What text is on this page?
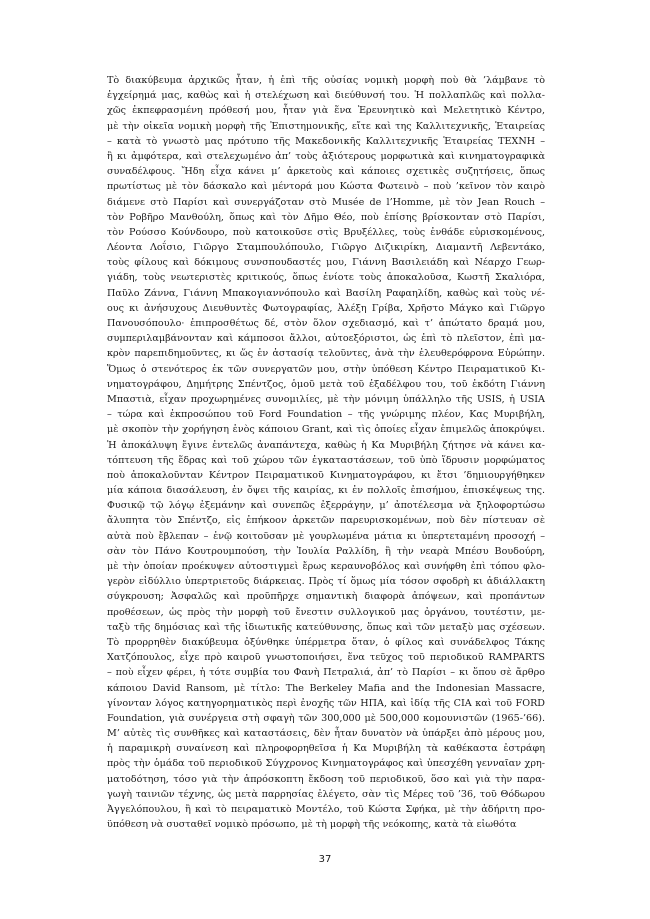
Τὸ διακύβευμα ἀρχικῶς ἦταν, ἡ ἐπὶ τῆς οὐσίας νομικὴ μορφὴ ποὺ θὰ ’λάμβανε τὸ
ἐγχείρημά μας, καθὼς καὶ ἡ στελέχωση καὶ διεύθυνσή του. Ἡ πολλαπλῶς καὶ πολλα-
χῶς ἐκπεφρασμένη πρόθεσή μου, ἦταν γιὰ ἕνα Ἐρευνητικὸ καὶ Μελετητικὸ Κέντρο,
μὲ τὴν οἰκεῖα νομικὴ μορφὴ τῆς Ἐπιστημονικῆς, εἴτε καὶ της Καλλιτεχνικῆς, Ἑταιρείας
– κατὰ τὸ γνωστὸ μας πρότυπο τῆς Μακεδονικῆς Καλλιτεχνικῆς Ἑταιρείας ΤΕΧΝΗ –
ἢ κι ἀμφότερα, καὶ στελεχωμένο ἀπ’ τοὺς ἀξιότερους μορφωτικὰ καὶ κινηματογραφικὰ
συναδέλφους. Ἤδη εἶχα κάνει μ’ ἀρκετοὺς καὶ κάποιες σχετικὲς συζητήσεις, ὅπως
πρωτίστως μὲ τὸν δάσκαλο καὶ μέντορά μου Κώστα Φωτεινὸ – ποὺ ’κεῖνον τὸν καιρὸ
διάμενε στὸ Παρίσι καὶ συνεργάζοταν στὸ Musée de l’Homme, μὲ τὸν Jean Rouch –
τὸν Ροβῆρο Μανθούλη, ὅπως καὶ τὸν Δῆμο Θέο, ποὺ ἐπίσης βρίσκονταν στὸ Παρίσι,
τὸν Ρούσσο Κούνδουρο, ποὺ κατοικοῦσε στὶς Βρυξέλλες, τοὺς ἐνθάδε εὑρισκομένους,
Λέοντα Λοΐσιο, Γιῶργο Σταμπουλόπουλο, Γιῶργο Διζικιρίκη, Διαμαντῆ Λεβεντάκο,
τοὺς φίλους καὶ δόκιμους συνσπουδαστές μου, Γιάννη Βασιλειάδη καὶ Νέαρχο Γεωρ-
γιάδη, τοὺς νεωτεριστὲς κριτικούς, ὅπως ἐνίοτε τοὺς ἀποκαλοῦσα, Κωστῆ Σκαλιόρα,
Παῦλο Ζάννα, Γιάννη Μπακογιαννόπουλο καὶ Βασίλη Ραφαηλίδη, καθὼς καὶ τοὺς νέ-
ους κι ἀνήσυχους Διευθυντὲς Φωτογραφίας, Ἀλέξη Γρίβα, Χρῆστο Μάγκο καὶ Γιῶργο
Πανουσόπουλο· ἐπιπροσθέτως δέ, στὸν ὅλον σχεδιασμό, καὶ τ’ ἀπώτατο δραμά μου,
συμπεριλαμβάνονταν καὶ κάμποσοι ἄλλοι, αὐτοεξόριστοι, ὡς ἐπὶ τὸ πλεῖστον, ἐπὶ μα-
κρὸν παρεπιδημοῦντες, κι ὥς ἐν ἀστασίᾳ τελοῦντες, ἀνὰ τὴν ἐλευθερόφρονα Εὐρώπην.
Ὅμως ὁ στενότερος ἐκ τῶν συνεργατῶν μου, στὴν ὑπόθεση Κέντρο Πειραματικοῦ Κι-
νηματογράφου, Δημήτρης Σπέντζος, ὁμοῦ μετὰ τοῦ ἐξαδέλφου του, τοῦ ἐκδότη Γιάννη
Μπαστιὰ, εἶχαν προχωρημένες συνομιλίες, μὲ τὴν μόνιμη ὑπάλληλο τῆς USIS, ἡ USIA
– τώρα καὶ ἐκπροσώπου τοῦ Ford Foundation – τῆς γνώριμης πλέον, Κας Μυριβήλη,
μὲ σκοπὸν τὴν χορήγηση ἑνὸς κάποιου Grant, καὶ τὶς ὁποίες εἶχαν ἐπιμελῶς ἀποκρύψει.
Ἡ ἀποκάλυψη ἔγινε ἐντελῶς ἀναπάντεχα, καθὼς ἡ Κα Μυριβήλη ζήτησε νὰ κάνει κα-
τόπτευση τῆς ἕδρας καὶ τοῦ χώρου τῶν ἐγκαταστάσεων, τοῦ ὑπὸ ἵδρυσιν μορφώματος
ποὺ ἀποκαλοῦνταν Κέντρον Πειραματικοῦ Κινηματογράφου, κι ἔτσι ’δημιουργήθηκεν
μία κάποια διασάλευση, ἐν ὄψει τῆς καιρίας, κι ἐν πολλοῖς ἐπισήμου, ἐπισκέψεως της.
Φυσικῷ τῷ λόγῳ ἐξεμάνην καὶ συνεπῶς ἐξερράγην, μ’ ἀποτέλεσμα νὰ ξηλοφορτώσω
ἄλυπητα τὸν Σπέντζο, εἰς ἐπήκοον ἀρκετῶν παρευρισκομένων, ποὺ δὲν πίστευαν σὲ
αὐτὰ ποὺ ἔβλεπαν – ἐνῷ κοιτοῦσαν μὲ γουρλωμένα μάτια κι ὑπερτεταμένη προσοχή –
σὰν τὸν Πάνο Κουτρουμπούση, τὴν Ἰουλία Ραλλίδη, ἢ τὴν νεαρὰ Μπέσυ Βουδούρη,
μὲ τὴν ὁποίαν προέκυψεν αὐτοστιγμεὶ ἔρως κεραυνοβόλος καὶ συνήφθη ἐπὶ τόπου φλο-
γερὸν εἰδύλλιο ὑπερτριετοῦς διάρκειας. Πρὸς τί ὅμως μία τόσον σφοδρὴ κι ἀδιάλλακτη
σύγκρουση; Ἀσφαλῶς καὶ προῦπῆρχε σημαντικὴ διαφορὰ ἀπόψεων, καὶ προπάντων
προθέσεων, ὡς πρὸς τὴν μορφὴ τοῦ ἔνεστιν συλλογικοῦ μας ὀργάνου, τουτέστιν, με-
ταξὺ τῆς δημόσιας καὶ τῆς ἰδιωτικῆς κατεύθυνσης, ὅπως καὶ τῶν μεταξὺ μας σχέσεων.
Τὸ προρρηθὲν διακύβευμα ὀξύνθηκε ὑπέρμετρα ὅταν, ὁ φίλος καὶ συνάδελφος Τάκης
Χατζόπουλος, εἶχε πρὸ καιροῦ γνωστοποιήσει, ἕνα τεῦχος τοῦ περιοδικοῦ RAMPARTS
– ποὺ εἶχεν φέρει, ἡ τότε συμβία του Φανὴ Πετραλιά, ἀπ’ τὸ Παρίσι – κι ὅπου σὲ ἄρθρο
κάποιου David Ransom, μὲ τίτλο: The Berkeley Mafia and the Indonesian Massacre,
γίνονταν λόγος κατηγορηματικὸς περὶ ἐνοχῆς τῶν ΗΠΑ, καὶ ἰδίᾳ τῆς CIA καὶ τοῦ FORD
Foundation, γιὰ συνέργεια στὴ σφαγὴ τῶν 300,000 μὲ 500,000 κομουνιστῶν (1965-’66).
Μ’ αὐτὲς τὶς συνθῆκες καὶ καταστάσεις, δὲν ἦταν δυνατὸν νὰ ὑπάρξει ἀπὸ μέρους μου,
ἡ παραμικρὴ συναίνεση καὶ πληροφορηθεῖσα ἡ Κα Μυριβήλη τὰ καθέκαστα ἐστράφη
πρὸς τὴν ὁμάδα τοῦ περιοδικοῦ Σύγχρονος Κινηματογράφος καὶ ὑπεσχέθη γενναῖαν χρη-
ματοδότηση, τόσο γιὰ τὴν ἀπρόσκοπτη ἔκδοση τοῦ περιοδικοῦ, ὅσο καὶ γιὰ τὴν παρα-
γωγὴ ταινιῶν τέχνης, ὡς μετὰ παρρησίας ἐλέγετο, σὰν τὶς Μέρες τοῦ ’36, τοῦ Θόδωρου
Ἀγγελόπουλου, ἢ καὶ τὸ πειραματικὸ Μοντέλο, τοῦ Κώστα Σφήκα, μὲ τὴν ἀδήριτη προ-
ϋπόθεση νὰ συσταθεῖ νομικὸ πρόσωπο, μὲ τὴ μορφὴ τῆς νεόκοπης, κατὰ τὰ εἰωθότα
37
